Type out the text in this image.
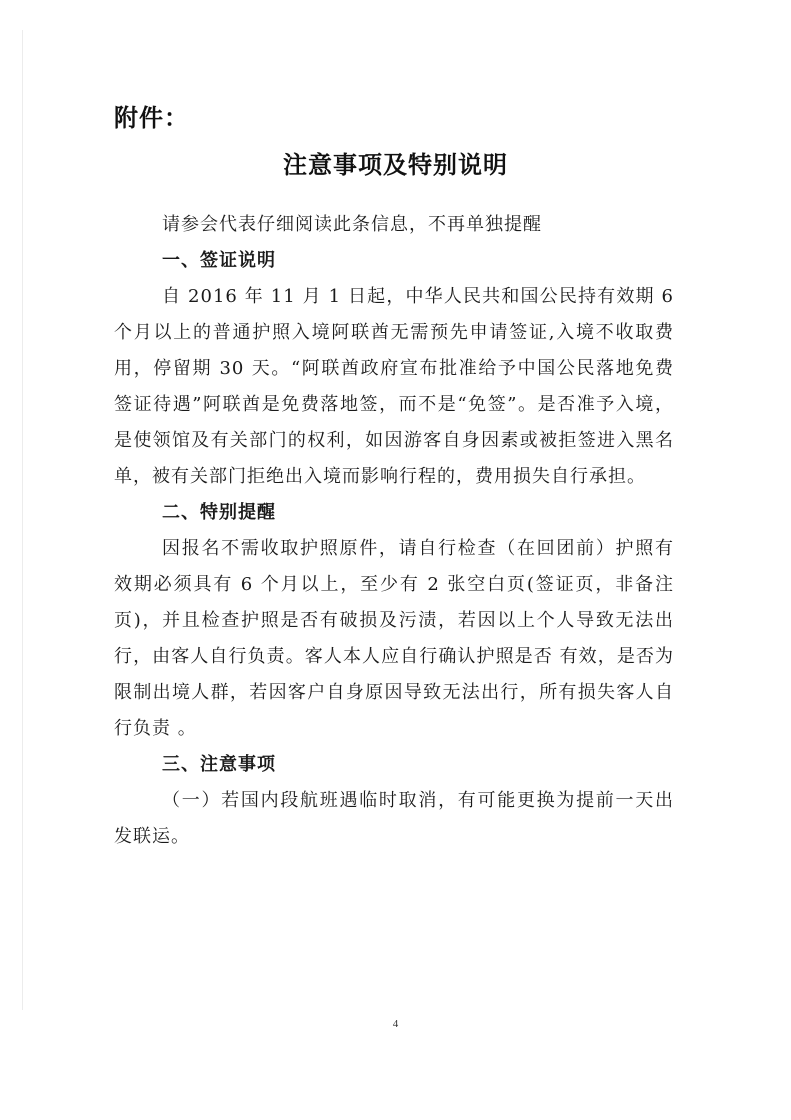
附件：
注意事项及特别说明
请参会代表仔细阅读此条信息，不再单独提醒
一、签证说明

自 2016 年 11 月 1 日起，中华人民共和国公民持有效期 6 个月以上的普通护照入境阿联酋无需预先申请签证,入境不收取费用，停留期 30 天。“阿联酋政府宣布批准给予中国公民落地免费签证待遇”阿联酋是免费落地签，而不是“免签”。是否准予入境，是使领馆及有关部门的权利，如因游客自身因素或被拒签进入黑名单，被有关部门拒绝出入境而影响行程的，费用损失自行承担。

二、特别提醒

因报名不需收取护照原件，请自行检查（在回团前）护照有效期必须具有 6 个月以上，至少有 2 张空白页(签证页，非备注页)，并且检查护照是否有破损及污渍，若因以上个人导致无法出行，由客人自行负责。客人本人应自行确认护照是否 有效，是否为限制出境人群，若因客户自身原因导致无法出行，所有损失客人自行负责 。

三、注意事项

（一）若国内段航班遇临时取消，有可能更换为提前一天出发联运。

4
